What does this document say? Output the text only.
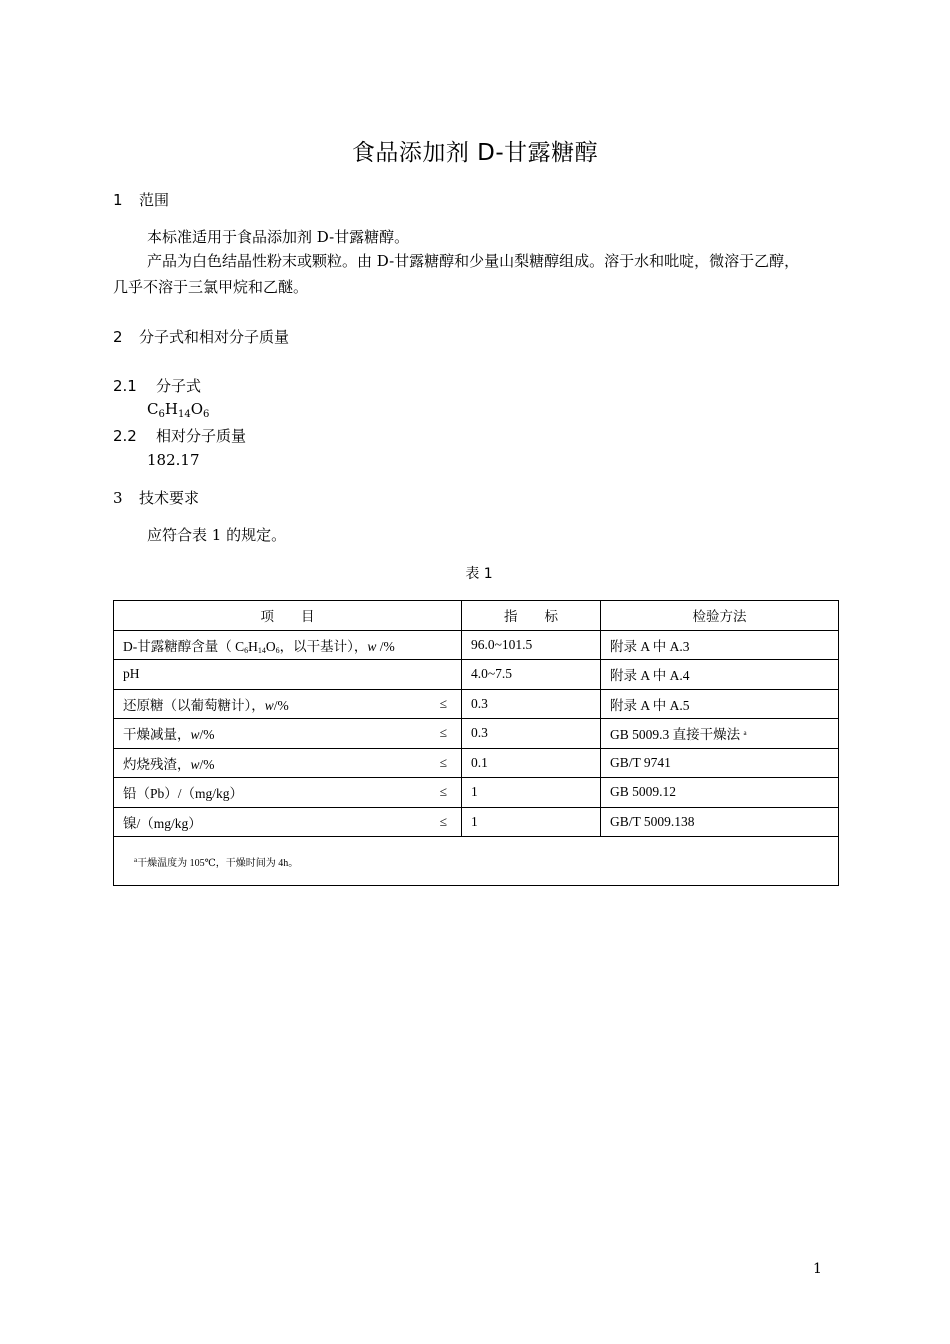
食品添加剂 D-甘露糖醇
1 范围
本标准适用于食品添加剂 D-甘露糖醇。
产品为白色结晶性粉末或颗粒。由 D-甘露糖醇和少量山梨糖醇组成。溶于水和吡啶，微溶于乙醇，
几乎不溶于三氯甲烷和乙醚。
2 分子式和相对分子质量
2.1 分子式
$C_6H_{14}O_6$
2.2 相对分子质量
182.17
3 技术要求
应符合表 1 的规定。
表 1
项　　目	指　　标	检验方法
D-甘露糖醇含量（ $C_6H_{14}O_6$，以干基计），w /%	96.0~101.5	附录 A 中 A.3
pH	4.0~7.5	附录 A 中 A.4
还原糖（以葡萄糖计），w/% ≤	0.3	附录 A 中 A.5
干燥减量，w/% ≤	0.3	GB 5009.3 直接干燥法 $^a$
灼烧残渣，w/% ≤	0.1	GB/T 9741
铅（Pb）/（mg/kg） ≤	1	GB 5009.12
镍/（mg/kg） ≤	1	GB/T 5009.138
$^a$干燥温度为 105℃，干燥时间为 4h。		
1
